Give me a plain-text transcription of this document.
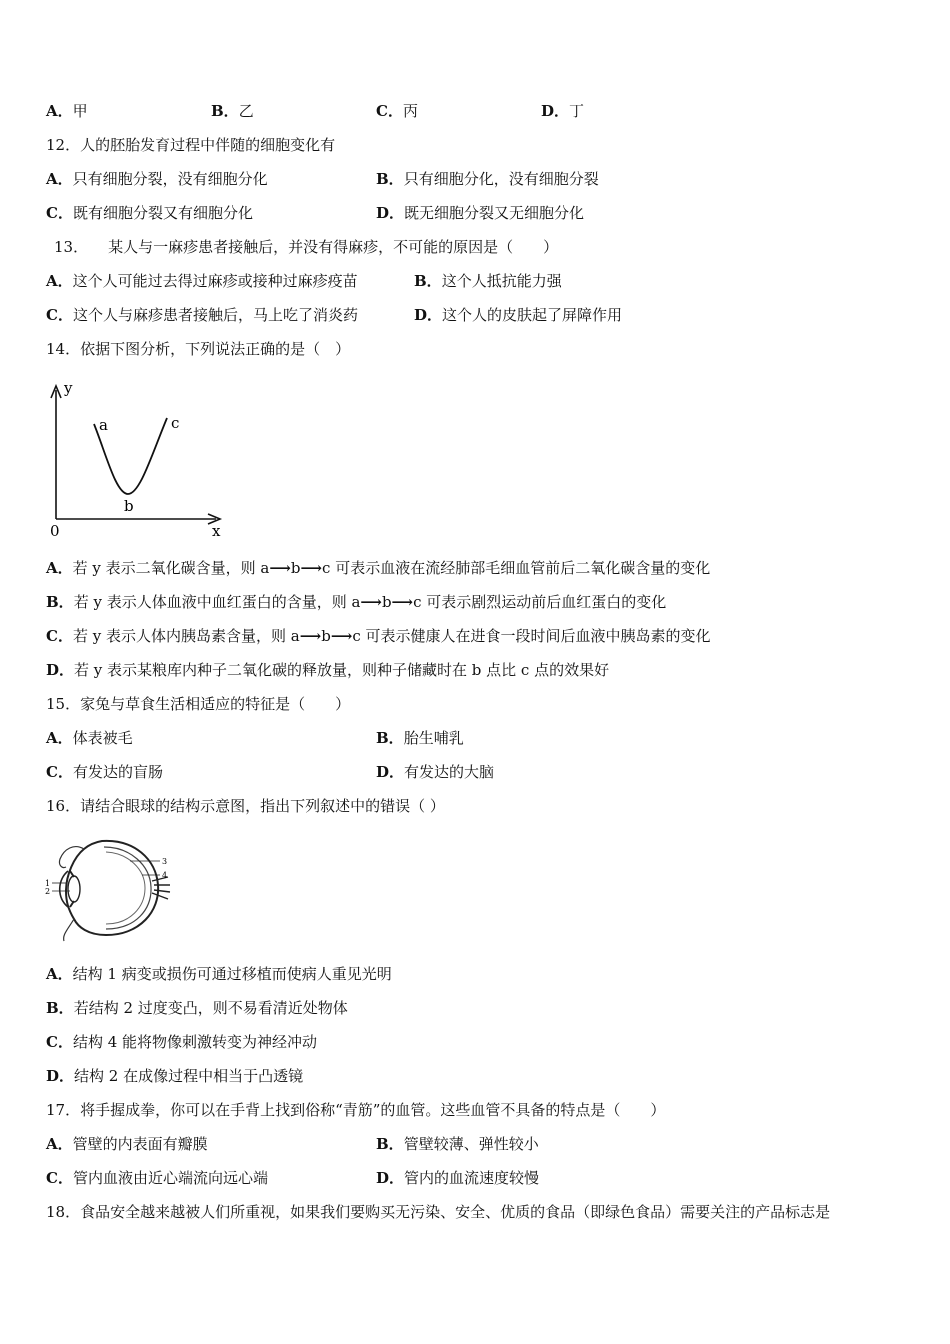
A．甲	B．乙	C．丙	D．丁
12．人的胚胎发育过程中伴随的细胞变化有
A．只有细胞分裂，没有细胞分化	B．只有细胞分化，没有细胞分裂
C．既有细胞分裂又有细胞分化	D．既无细胞分裂又无细胞分化
13． 某人与一麻疹患者接触后，并没有得麻疹，不可能的原因是（　　）
A．这个人可能过去得过麻疹或接种过麻疹疫苗	B．这个人抵抗能力强
C．这个人与麻疹患者接触后，马上吃了消炎药	D．这个人的皮肤起了屏障作用
14．依据下图分析，下列说法正确的是（　）
y
x
0
a
b
c
A．若 y 表示二氧化碳含量，则 a⟶b⟶c 可表示血液在流经肺部毛细血管前后二氧化碳含量的变化
B．若 y 表示人体血液中血红蛋白的含量，则 a⟶b⟶c 可表示剧烈运动前后血红蛋白的变化
C．若 y 表示人体内胰岛素含量，则 a⟶b⟶c 可表示健康人在进食一段时间后血液中胰岛素的变化
D．若 y 表示某粮库内种子二氧化碳的释放量，则种子储藏时在 b 点比 c 点的效果好
15．家兔与草食生活相适应的特征是（　　）
A．体表被毛	B．胎生哺乳
C．有发达的盲肠	D．有发达的大脑
16．请结合眼球的结构示意图，指出下列叙述中的错误（ ）
1
2
3
4
A．结构 1 病变或损伤可通过移植而使病人重见光明
B．若结构 2 过度变凸，则不易看清近处物体
C．结构 4 能将物像刺激转变为神经冲动
D．结构 2 在成像过程中相当于凸透镜
17．将手握成拳，你可以在手背上找到俗称“青筋”的血管。这些血管不具备的特点是（　　）
A．管壁的内表面有瓣膜	B．管壁较薄、弹性较小
C．管内血液由近心端流向远心端	D．管内的血流速度较慢
18．食品安全越来越被人们所重视，如果我们要购买无污染、安全、优质的食品（即绿色食品）需要关注的产品标志是
